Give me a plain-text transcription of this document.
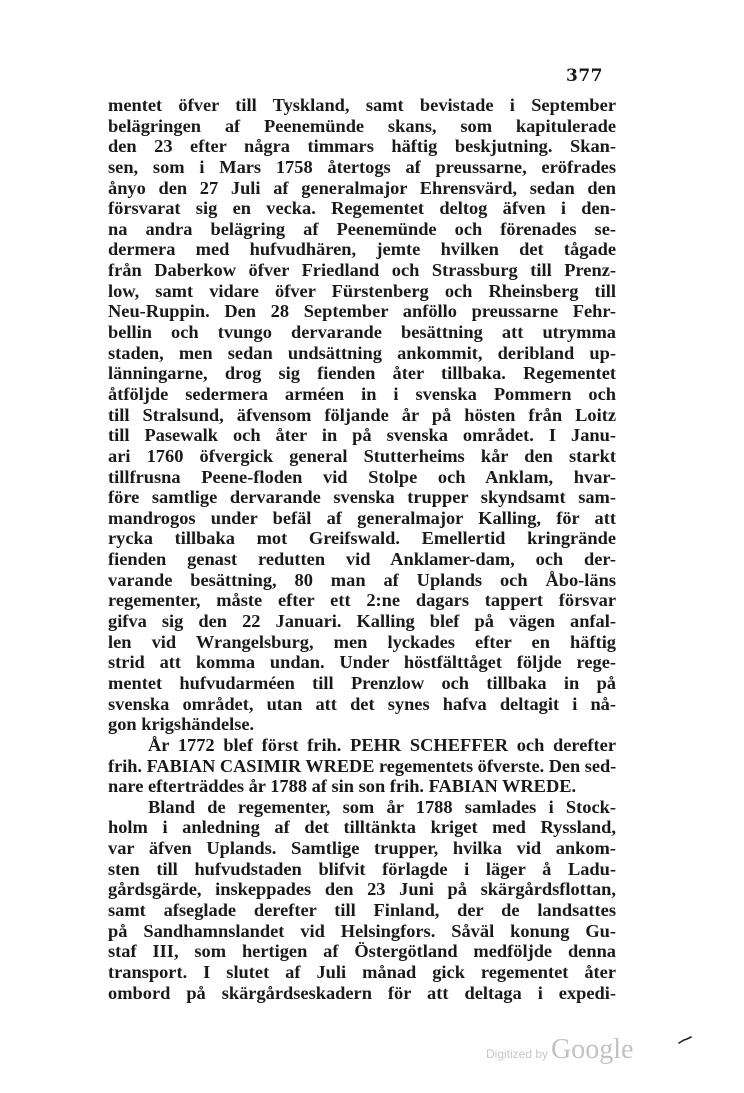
377
mentet öfver till Tyskland, samt bevistade i September
belägringen af Peenemünde skans, som kapitulerade
den 23 efter några timmars häftig beskjutning. Skan-
sen, som i Mars 1758 återtogs af preussarne, eröfrades
ånyo den 27 Juli af generalmajor Ehrensvärd, sedan den
försvarat sig en vecka. Regementet deltog äfven i den-
na andra belägring af Peenemünde och förenades se-
dermera med hufvudhären, jemte hvilken det tågade
från Daberkow öfver Friedland och Strassburg till Prenz-
low, samt vidare öfver Fürstenberg och Rheinsberg till
Neu-Ruppin. Den 28 September anföllo preussarne Fehr-
bellin och tvungo dervarande besättning att utrymma
staden, men sedan undsättning ankommit, deribland up-
länningarne, drog sig fienden åter tillbaka. Regementet
åtföljde sedermera arméen in i svenska Pommern och
till Stralsund, äfvensom följande år på hösten från Loitz
till Pasewalk och åter in på svenska området. I Janu-
ari 1760 öfvergick general Stutterheims kår den starkt
tillfrusna Peene-floden vid Stolpe och Anklam, hvar-
före samtlige dervarande svenska trupper skyndsamt sam-
mandrogos under befäl af generalmajor Kalling, för att
rycka tillbaka mot Greifswald. Emellertid kringrände
fienden genast redutten vid Anklamer-dam, och der-
varande besättning, 80 man af Uplands och Åbo-läns
regementer, måste efter ett 2:ne dagars tappert försvar
gifva sig den 22 Januari. Kalling blef på vägen anfal-
len vid Wrangelsburg, men lyckades efter en häftig
strid att komma undan. Under höstfälttåget följde rege-
mentet hufvudarméen till Prenzlow och tillbaka in på
svenska området, utan att det synes hafva deltagit i nå-
gon krigshändelse.
År 1772 blef först frih. PEHR SCHEFFER och derefter
frih. FABIAN CASIMIR WREDE regementets öfverste. Den sed-
nare efterträddes år 1788 af sin son frih. FABIAN WREDE.
Bland de regementer, som år 1788 samlades i Stock-
holm i anledning af det tilltänkta kriget med Ryssland,
var äfven Uplands. Samtlige trupper, hvilka vid ankom-
sten till hufvudstaden blifvit förlagde i läger å Ladu-
gårdsgärde, inskeppades den 23 Juni på skärgårdsflottan,
samt afseglade derefter till Finland, der de landsattes
på Sandhamnslandet vid Helsingfors. Såväl konung Gu-
staf III, som hertigen af Östergötland medföljde denna
transport. I slutet af Juli månad gick regementet åter
ombord på skärgårdseskadern för att deltaga i expedi-
Digitized by Google
